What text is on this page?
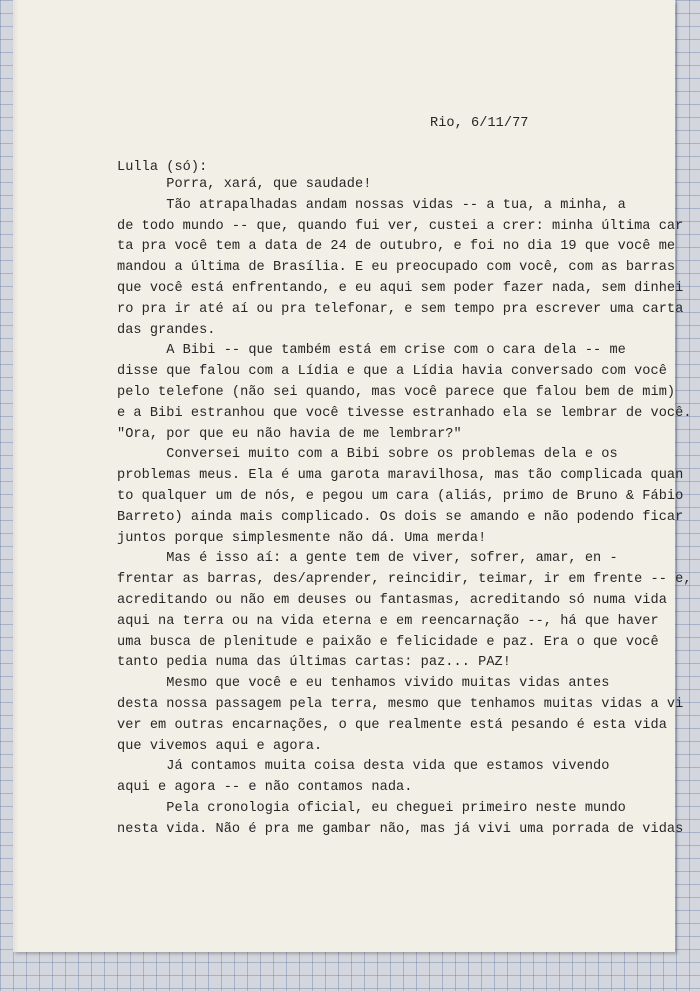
Rio, 6/11/77
Lulla (só):
Porra, xará, que saudade!
Tão atrapalhadas andam nossas vidas -- a tua, a minha, a
de todo mundo -- que, quando fui ver, custei a crer: minha última car
ta pra você tem a data de 24 de outubro, e foi no dia 19 que você me
mandou a última de Brasília. E eu preocupado com você, com as barras
que você está enfrentando, e eu aqui sem poder fazer nada, sem dinhei
ro pra ir até aí ou pra telefonar, e sem tempo pra escrever uma carta
das grandes.
A Bibi -- que também está em crise com o cara dela -- me
disse que falou com a Lídia e que a Lídia havia conversado com você
pelo telefone (não sei quando, mas você parece que falou bem de mim)
e a Bibi estranhou que você tivesse estranhado ela se lembrar de você.
"Ora, por que eu não havia de me lembrar?"
Conversei muito com a Bibi sobre os problemas dela e os
problemas meus. Ela é uma garota maravilhosa, mas tão complicada quan
to qualquer um de nós, e pegou um cara (aliás, primo de Bruno & Fábio
Barreto) ainda mais complicado. Os dois se amando e não podendo ficar
juntos porque simplesmente não dá. Uma merda!
Mas é isso aí: a gente tem de viver, sofrer, amar, en -
frentar as barras, des/aprender, reincidir, teimar, ir em frente -- e,
acreditando ou não em deuses ou fantasmas, acreditando só numa vida
aqui na terra ou na vida eterna e em reencarnação --, há que haver
uma busca de plenitude e paixão e felicidade e paz. Era o que você
tanto pedia numa das últimas cartas: paz... PAZ!
Mesmo que você e eu tenhamos vivido muitas vidas antes
desta nossa passagem pela terra, mesmo que tenhamos muitas vidas a vi
ver em outras encarnações, o que realmente está pesando é esta vida
que vivemos aqui e agora.
Já contamos muita coisa desta vida que estamos vivendo
aqui e agora -- e não contamos nada.
Pela cronologia oficial, eu cheguei primeiro neste mundo
nesta vida. Não é pra me gambar não, mas já vivi uma porrada de vidas
